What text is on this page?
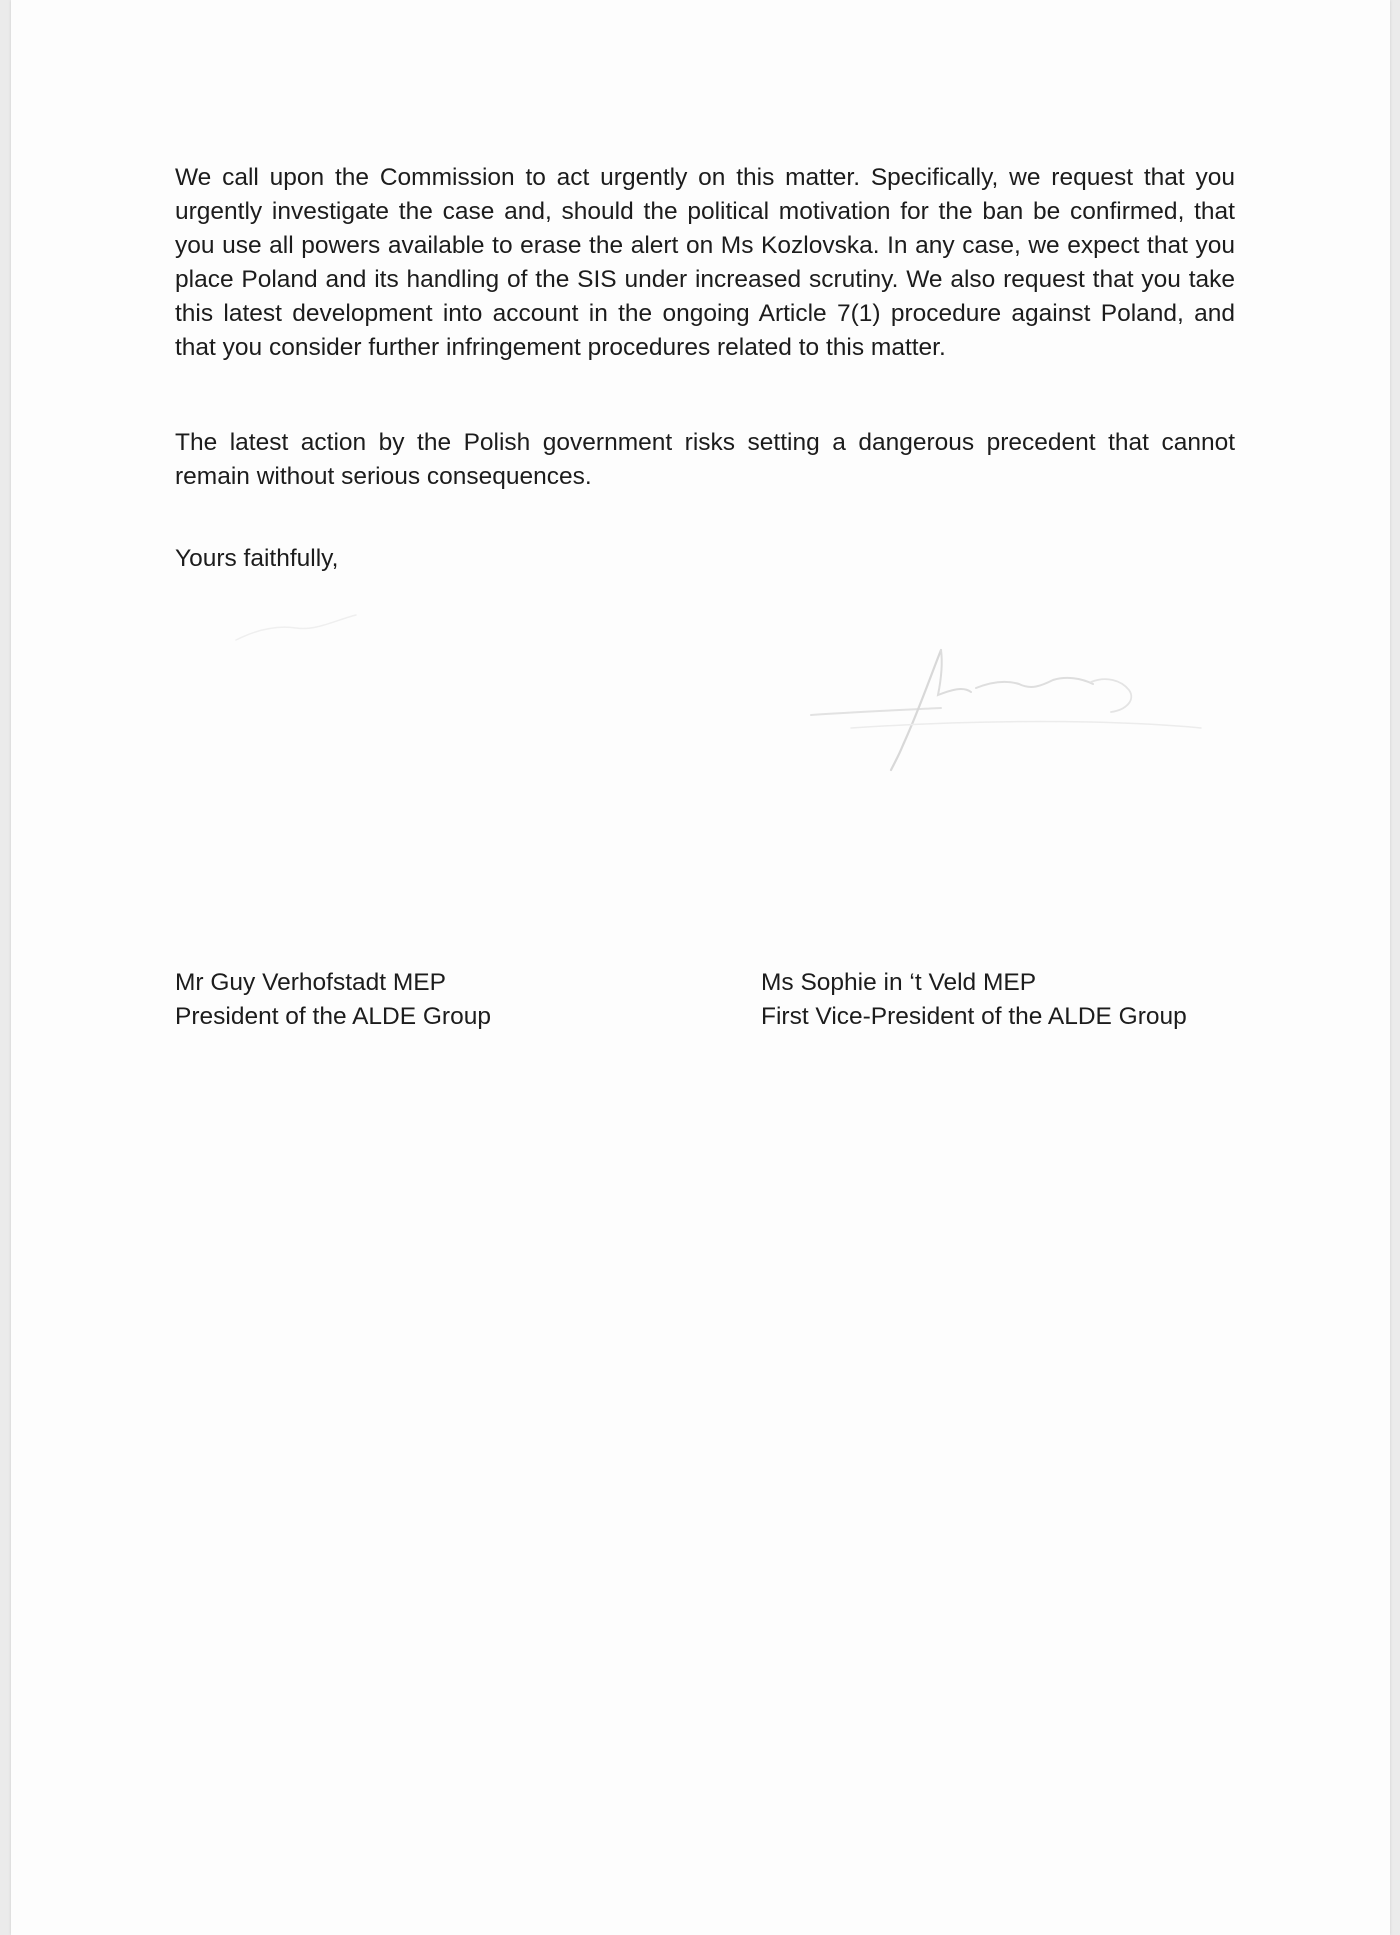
We call upon the Commission to act urgently on this matter. Specifically, we request that you urgently investigate the case and, should the political motivation for the ban be confirmed, that you use all powers available to erase the alert on Ms Kozlovska. In any case, we expect that you place Poland and its handling of the SIS under increased scrutiny. We also request that you take this latest development into account in the ongoing Article 7(1) procedure against Poland, and that you consider further infringement procedures related to this matter.

The latest action by the Polish government risks setting a dangerous precedent that cannot remain without serious consequences.

Yours faithfully,

Mr Guy Verhofstadt MEP
President of the ALDE Group
Ms Sophie in ‘t Veld MEP
First Vice-President of the ALDE Group
